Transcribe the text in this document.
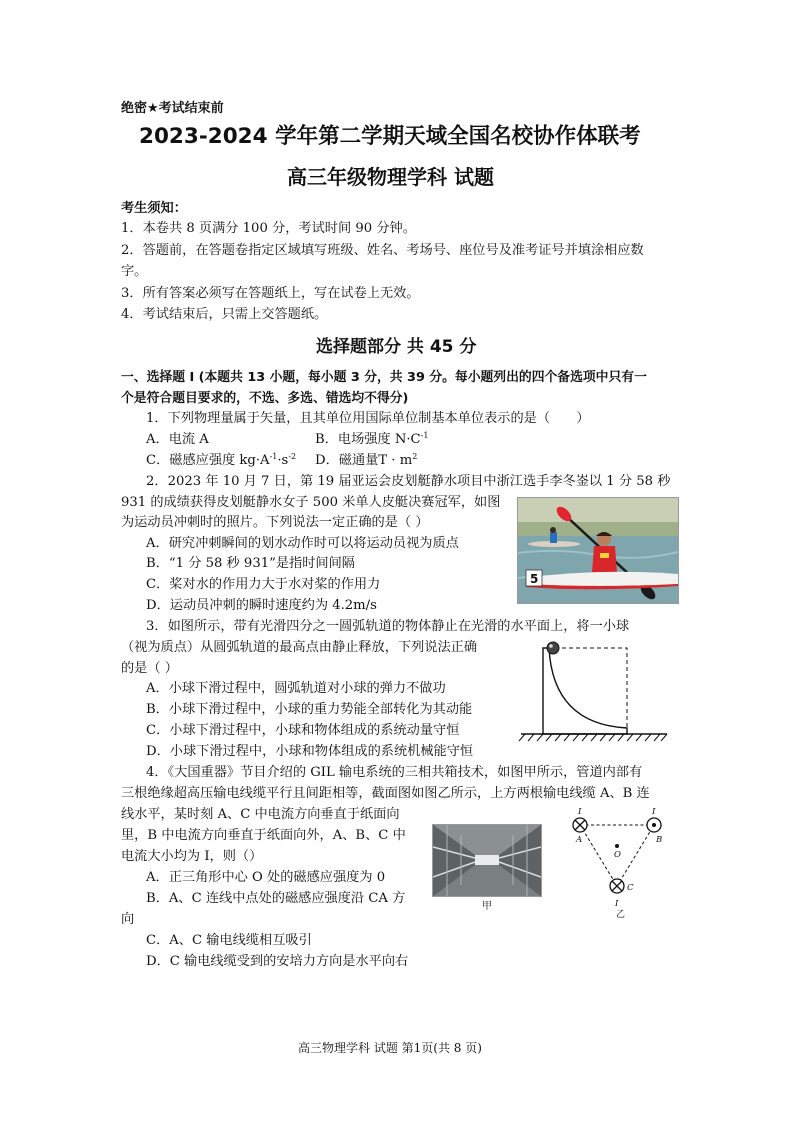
绝密★考试结束前
2023-2024 学年第二学期天域全国名校协作体联考
高三年级物理学科 试题
考生须知：
1．本卷共 8 页满分 100 分，考试时间 90 分钟。
2．答题前，在答题卷指定区域填写班级、姓名、考场号、座位号及准考证号并填涂相应数
字。
3．所有答案必须写在答题纸上，写在试卷上无效。
4．考试结束后，只需上交答题纸。
选择题部分 共 45 分
一、选择题 I (本题共 13 小题，每小题 3 分，共 39 分。每小题列出的四个备选项中只有一
个是符合题目要求的，不选、多选、错选均不得分)
1．下列物理量属于矢量，且其单位用国际单位制基本单位表示的是（　　）
A．电流 A	B．电场强度 $N\cdot C^{-1}$
C．磁感应强度 $kg\cdot A^{-1}\cdot s^{-2}$ D．磁通量$T \cdot m^2$
2．2023 年 10 月 7 日，第 19 届亚运会皮划艇静水项目中浙江选手李冬崟以 1 分 58 秒
931 的成绩获得皮划艇静水女子 500 米单人皮艇决赛冠军，如图
为运动员冲刺时的照片。下列说法一定正确的是（ ）
A．研究冲刺瞬间的划水动作时可以将运动员视为质点
B．“1 分 58 秒 931”是指时间间隔
C．桨对水的作用力大于水对桨的作用力
D．运动员冲刺的瞬时速度约为 4.2m/s
5
3．如图所示，带有光滑四分之一圆弧轨道的物体静止在光滑的水平面上，将一小球
（视为质点）从圆弧轨道的最高点由静止释放，下列说法正确
的是（ ）
A．小球下滑过程中，圆弧轨道对小球的弹力不做功
B．小球下滑过程中，小球的重力势能全部转化为其动能
C．小球下滑过程中，小球和物体组成的系统动量守恒
D．小球下滑过程中，小球和物体组成的系统机械能守恒
4．《大国重器》节目介绍的 GIL 输电系统的三相共箱技术，如图甲所示，管道内部有
三根绝缘超高压输电线缆平行且间距相等，截面图如图乙所示，上方两根输电线缆 A、B 连
线水平，某时刻 A、C 中电流方向垂直于纸面向
里，B 中电流方向垂直于纸面向外，A、B、C 中
电流大小均为 I，则（）
A．正三角形中心 O 处的磁感应强度为 0
B．A、C 连线中点处的磁感应强度沿 CA 方
向
C．A、C 输电线缆相互吸引
D．C 输电线缆受到的安培力方向是水平向右
甲
A	B
C
O
I	I
I
乙
高三物理学科 试题 第1页(共 8 页)
